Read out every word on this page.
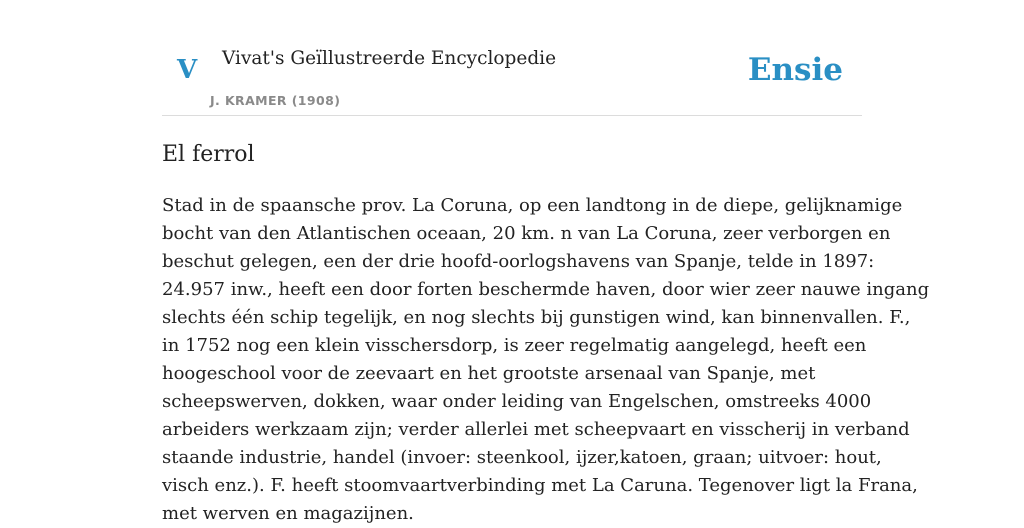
V Vivat's Geïllustreerde Encyclopedie
J. KRAMER (1908)
Ensie
El ferrol

Stad in de spaansche prov. La Coruna, op een landtong in de diepe, gelijknamige
bocht van den Atlantischen oceaan, 20 km. n van La Coruna, zeer verborgen en
beschut gelegen, een der drie hoofd-oorlogshavens van Spanje, telde in 1897:
24.957 inw., heeft een door forten beschermde haven, door wier zeer nauwe ingang
slechts één schip tegelijk, en nog slechts bij gunstigen wind, kan binnenvallen. F.,
in 1752 nog een klein visschersdorp, is zeer regelmatig aangelegd, heeft een
hoogeschool voor de zeevaart en het grootste arsenaal van Spanje, met
scheepswerven, dokken, waar onder leiding van Engelschen, omstreeks 4000
arbeiders werkzaam zijn; verder allerlei met scheepvaart en visscherij in verband
staande industrie, handel (invoer: steenkool, ijzer,katoen, graan; uitvoer: hout,
visch enz.). F. heeft stoomvaartverbinding met La Caruna. Tegenover ligt la Frana,
met werven en magazijnen.
